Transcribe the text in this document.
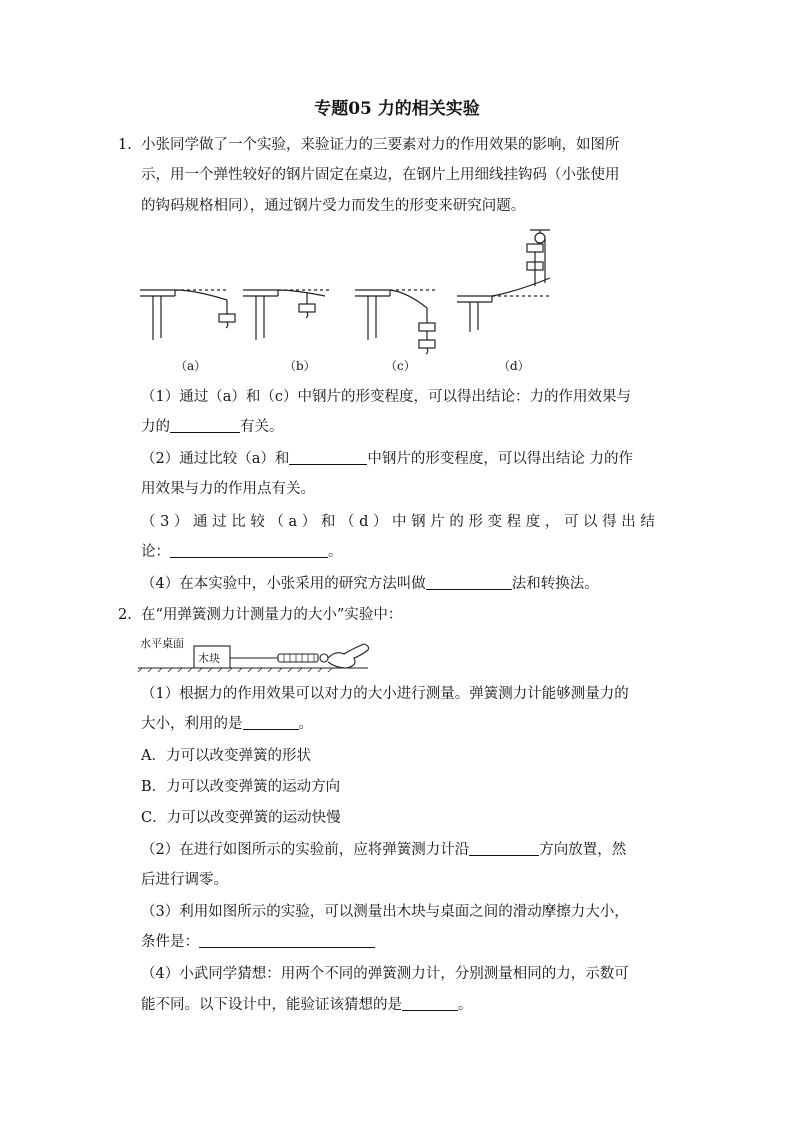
专题05 力的相关实验
1. 小张同学做了一个实验，来验证力的三要素对力的作用效果的影响，如图所
示，用一个弹性较好的钢片固定在桌边，在钢片上用细线挂钩码（小张使用
的钩码规格相同），通过钢片受力而发生的形变来研究问题。
（a）	（b）	（c）	（d）
（1）通过（a）和（c）中钢片的形变程度，可以得出结论：力的作用效果与
力的	有关。
（2）通过比较（a）和	中钢片的形变程度，可以得出结论 力的作
用效果与力的作用点有关。
（3）通过比较（a）和（d）中钢片的形变程度，可以得出结
论：	。
（4）在本实验中，小张采用的研究方法叫做	法和转换法。
2. 在“用弹簧测力计测量力的大小”实验中：
水平桌面
木块
（1）根据力的作用效果可以对力的大小进行测量。弹簧测力计能够测量力的
大小，利用的是	。
A．力可以改变弹簧的形状
B．力可以改变弹簧的运动方向
C．力可以改变弹簧的运动快慢
（2）在进行如图所示的实验前，应将弹簧测力计沿	方向放置，然
后进行调零。
（3）利用如图所示的实验，可以测量出木块与桌面之间的滑动摩擦力大小，
条件是：
（4）小武同学猜想：用两个不同的弹簧测力计，分别测量相同的力，示数可
能不同。以下设计中，能验证该猜想的是	。
